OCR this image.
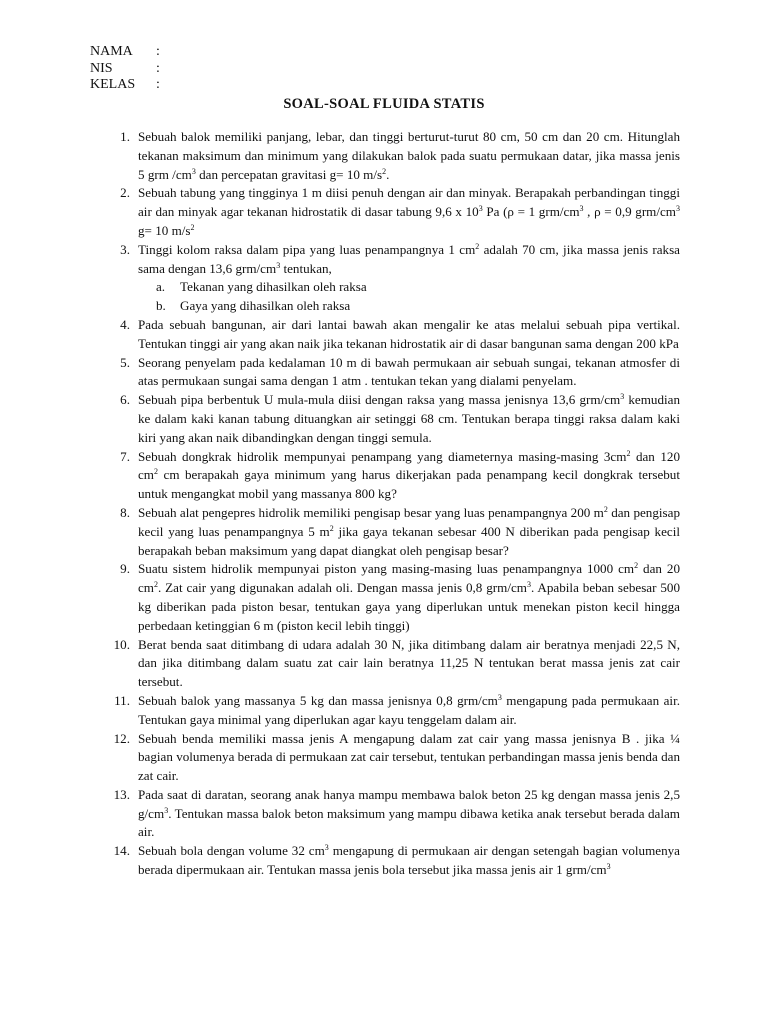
NAMA	:
NIS	:
KELAS	:
SOAL-SOAL FLUIDA STATIS
1. Sebuah balok memiliki panjang, lebar, dan tinggi berturut-turut 80 cm, 50 cm dan 20 cm. Hitunglah tekanan maksimum dan minimum yang dilakukan balok pada suatu permukaan datar, jika massa jenis 5 grm $/cm^3$ dan percepatan gravitasi g= 10 $m/s^2$.
2. Sebuah tabung yang tingginya 1 m diisi penuh dengan air dan minyak. Berapakah perbandingan tinggi air dan minyak agar tekanan hidrostatik di dasar tabung 9,6 x $10^3$ Pa (ρ = 1 grm/$cm^3$ , ρ = 0,9 grm/$cm^3$ g= 10 $m/s^2$
3. Tinggi kolom raksa dalam pipa yang luas penampangnya 1 $cm^2$ adalah 70 cm, jika massa jenis raksa sama dengan 13,6 grm/$cm^3$ tentukan,
a. Tekanan yang dihasilkan oleh raksa
b. Gaya yang dihasilkan oleh raksa
4. Pada sebuah bangunan, air dari lantai bawah akan mengalir ke atas melalui sebuah pipa vertikal. Tentukan tinggi air yang akan naik jika tekanan hidrostatik air di dasar bangunan sama dengan 200 kPa
5. Seorang penyelam pada kedalaman 10 m di bawah permukaan air sebuah sungai, tekanan atmosfer di atas permukaan sungai sama dengan 1 atm . tentukan tekan yang dialami penyelam.
6. Sebuah pipa berbentuk U mula-mula diisi dengan raksa yang massa jenisnya 13,6 grm/$cm^3$ kemudian ke dalam kaki kanan tabung dituangkan air setinggi 68 cm. Tentukan berapa tinggi raksa dalam kaki kiri yang akan naik dibandingkan dengan tinggi semula.
7. Sebuah dongkrak hidrolik mempunyai penampang yang diameternya masing-masing $3cm^2$ dan 120 $cm^2$ cm berapakah gaya minimum yang harus dikerjakan pada penampang kecil dongkrak tersebut untuk mengangkat mobil yang massanya 800 kg?
8. Sebuah alat pengepres hidrolik memiliki pengisap besar yang luas penampangnya 200 $m^2$ dan pengisap kecil yang luas penampangnya 5 $m^2$ jika gaya tekanan sebesar 400 N diberikan pada pengisap kecil berapakah beban maksimum yang dapat diangkat oleh pengisap besar?
9. Suatu sistem hidrolik mempunyai piston yang masing-masing luas penampangnya 1000 $cm^2$ dan 20 $cm^2$. Zat cair yang digunakan adalah oli. Dengan massa jenis 0,8 grm/$cm^3$. Apabila beban sebesar 500 kg diberikan pada piston besar, tentukan gaya yang diperlukan untuk menekan piston kecil hingga perbedaan ketinggian 6 m (piston kecil lebih tinggi)
10. Berat benda saat ditimbang di udara adalah 30 N, jika ditimbang dalam air beratnya menjadi 22,5 N, dan jika ditimbang dalam suatu zat cair lain beratnya 11,25 N tentukan berat massa jenis zat cair tersebut.
11. Sebuah balok yang massanya 5 kg dan massa jenisnya 0,8 grm/$cm^3$ mengapung pada permukaan air. Tentukan gaya minimal yang diperlukan agar kayu tenggelam dalam air.
12. Sebuah benda memiliki massa jenis A mengapung dalam zat cair yang massa jenisnya B . jika ¼ bagian volumenya berada di permukaan zat cair tersebut, tentukan perbandingan massa jenis benda dan zat cair.
13. Pada saat di daratan, seorang anak hanya mampu membawa balok beton 25 kg dengan massa jenis 2,5 $g/cm^3$. Tentukan massa balok beton maksimum yang mampu dibawa ketika anak tersebut berada dalam air.
14. Sebuah bola dengan volume 32 $cm^3$ mengapung di permukaan air dengan setengah bagian volumenya berada dipermukaan air. Tentukan massa jenis bola tersebut jika massa jenis air 1 grm/$cm^3$
